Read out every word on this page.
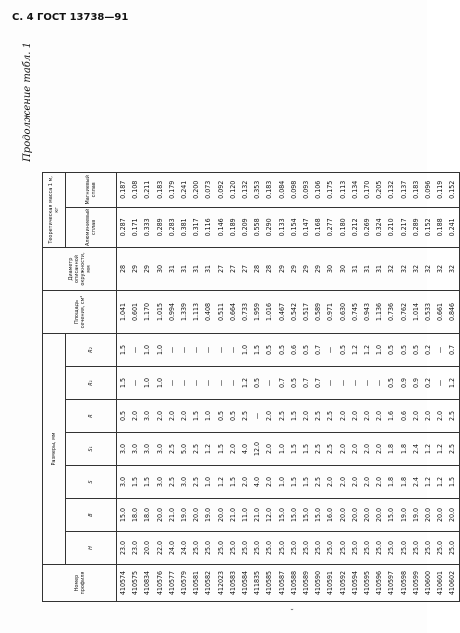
С. 4 ГОСТ 13738—91
Продолжение табл. 1
Номер профиля	Размеры, мм							Площадь сечения, см²	Диаметр описанной окружности, мм	Теоретическая масса 1 м, кг	
	H	B	S	S₁	R	R₁	R₂			Алюминиевый сплав	Магниевый сплав
410574	23.0	15.0	3.0	3.0	0.5	1.5	1.5	1.041	28	0.287	0.187
410575	23.0	18.0	1.5	3.0	2.0	—	—	0.601	29	0.171	0.108
410834	20.0	18.0	1.5	3.0	3.0	1.0	1.0	1.170	29	0.333	0.211
410576	22.0	20.0	3.0	3.0	2.0	1.0	1.0	1.015	30	0.289	0.183
410577	24.0	21.0	2.5	2.5	2.0	—	—	0.994	31	0.283	0.179
410579	24.0	19.0	3.0	5.0	2.0	—	—	1.339	31	0.381	0.241
410581	25.0	20.0	2.5	2.5	1.5	—	—	1.113	31	0.317	0.200
410582	25.0	19.0	1.0	1.2	1.0	—	—	0.408	31	0.116	0.073
412023	25.0	20.0	1.2	1.5	0.5	—	—	0.511	27	0.146	0.092
410583	25.0	21.0	1.5	2.0	0.5	—	—	0.664	27	0.189	0.120
410584	25.0	11.0	2.0	4.0	2.5	1.2	1.0	0.733	27	0.209	0.132
411835	25.0	21.0	4.0	12.0	—	0.5	1.5	1.959	28	0.558	0.353
410585	25.0	12.0	2.0	2.0	2.0	—	0.5	1.016	28	0.290	0.183
410587	25.0	15.0	1.0	1.0	2.5	0.7	0.5	0.467	29	0.133	0.084
410588	25.0	15.0	1.5	1.5	1.5	0.5	0.6	0.542	29	0.154	0.098
410589	25.0	15.0	1.5	1.5	2.0	0.7	0.5	0.517	29	0.147	0.093
410590	25.0	15.0	2.5	2.5	2.5	0.7	0.7	0.589	29	0.168	0.106
410591	25.0	16.0	2.0	2.5	2.5	—	—	0.971	30	0.277	0.175
410592	25.0	20.0	2.0	2.0	2.0	—	0.5	0.630	30	0.180	0.113
410594	25.0	20.0	2.0	2.0	2.0	—	1.2	0.745	31	0.212	0.134
410595	25.0	20.0	2.0	2.0	2.0	—	1.2	0.943	31	0.269	0.170
410596	25.0	20.0	2.0	2.0	2.0	—	1.0	1.136	31	0.324	0.205
410597	25.0	15.0	1.8	1.8	1.6	0.5	0.5	0.736	32	0.210	0.132
410598	25.0	19.0	1.8	1.8	0.6	0.9	0.5	0.762	32	0.217	0.137
410599	25.0	19.0	2.4	2.4	2.0	0.9	0.5	1.014	32	0.289	0.183
410600	25.0	20.0	1.2	1.2	2.0	0.2	0.2	0.533	32	0.152	0.096
410601	25.0	20.0	1.2	1.2	2.0	—	—	0.661	32	0.188	0.119
410602	25.0	20.0	1.5	2.5	2.5	1.2	0.7	0.846	32	0.241	0.152
˘
